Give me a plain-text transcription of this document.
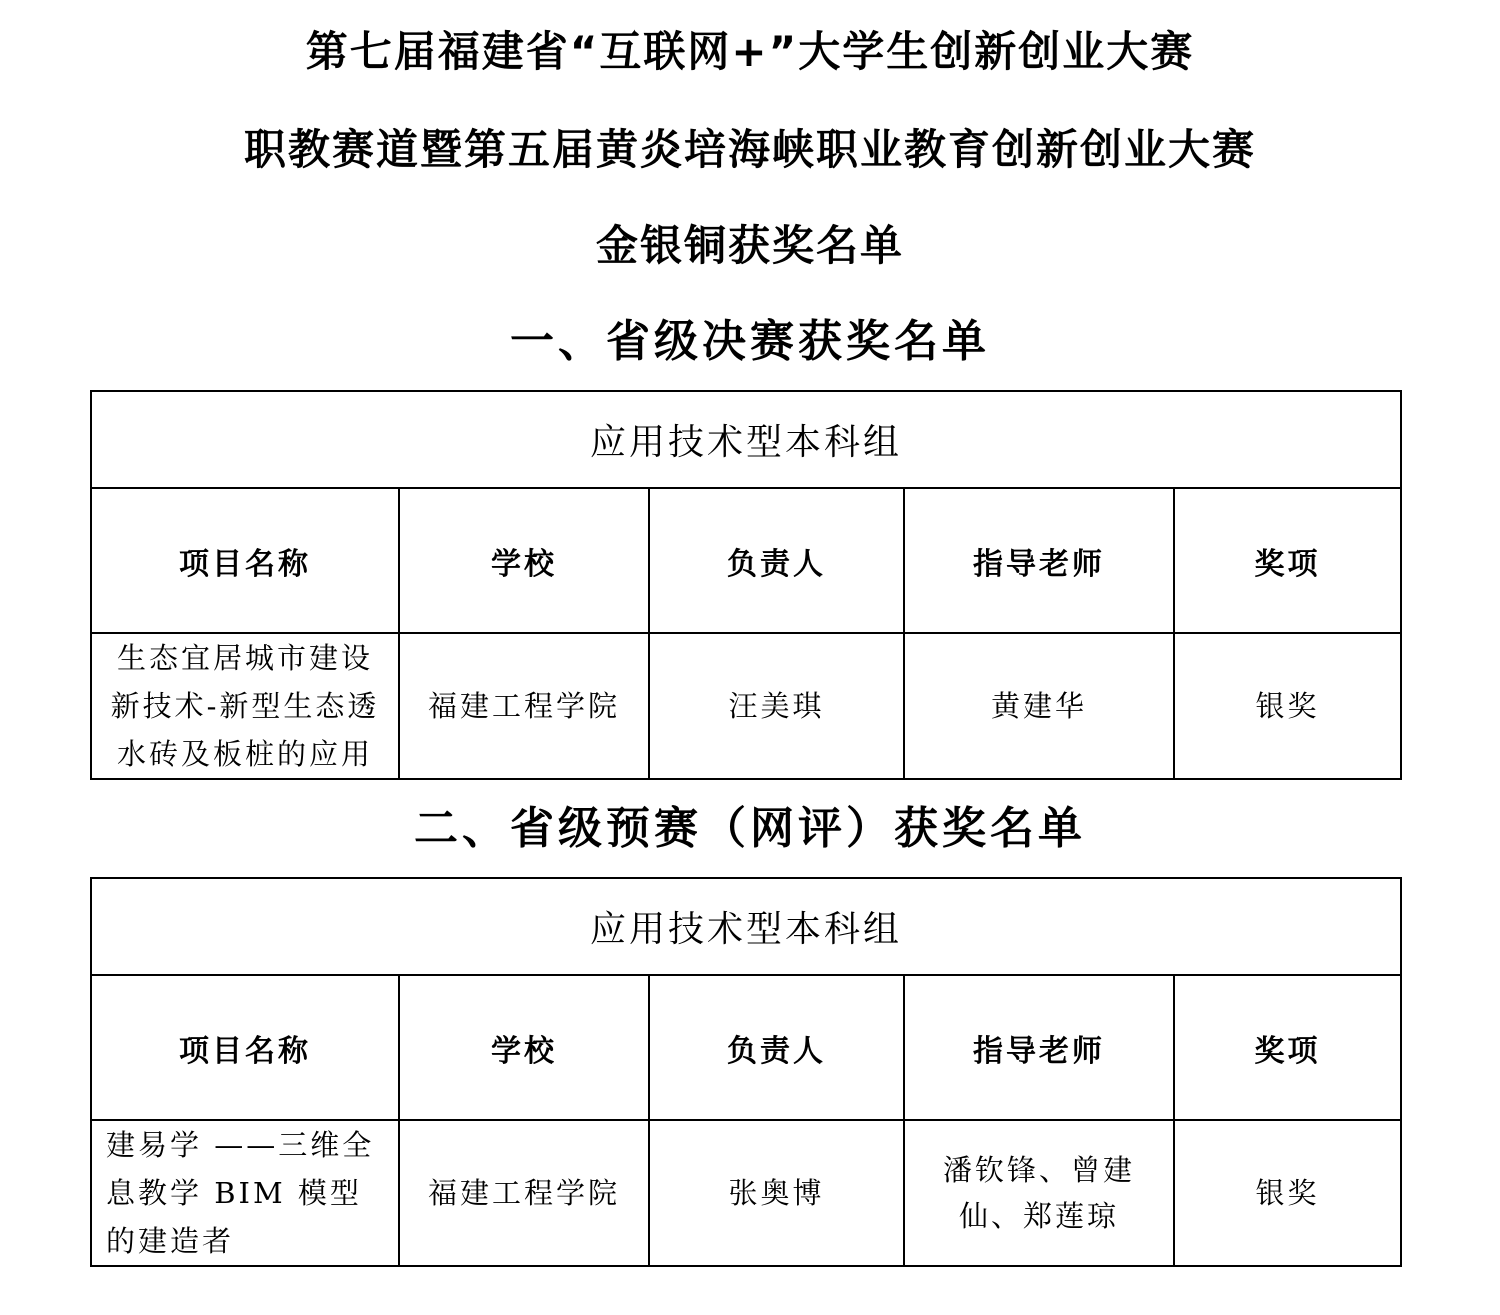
第七届福建省“互联网+”大学生创新创业大赛
职教赛道暨第五届黄炎培海峡职业教育创新创业大赛
金银铜获奖名单
一、省级决赛获奖名单
应用技术型本科组				
项目名称	学校	负责人	指导老师	奖项
生态宜居城市建设新技术-新型生态透水砖及板桩的应用	福建工程学院	汪美琪	黄建华	银奖
二、省级预赛（网评）获奖名单
应用技术型本科组				
项目名称	学校	负责人	指导老师	奖项
建易学 ——三维全息教学 BIM 模型的建造者	福建工程学院	张奥博	潘钦锋、曾建仙、郑莲琼	银奖
